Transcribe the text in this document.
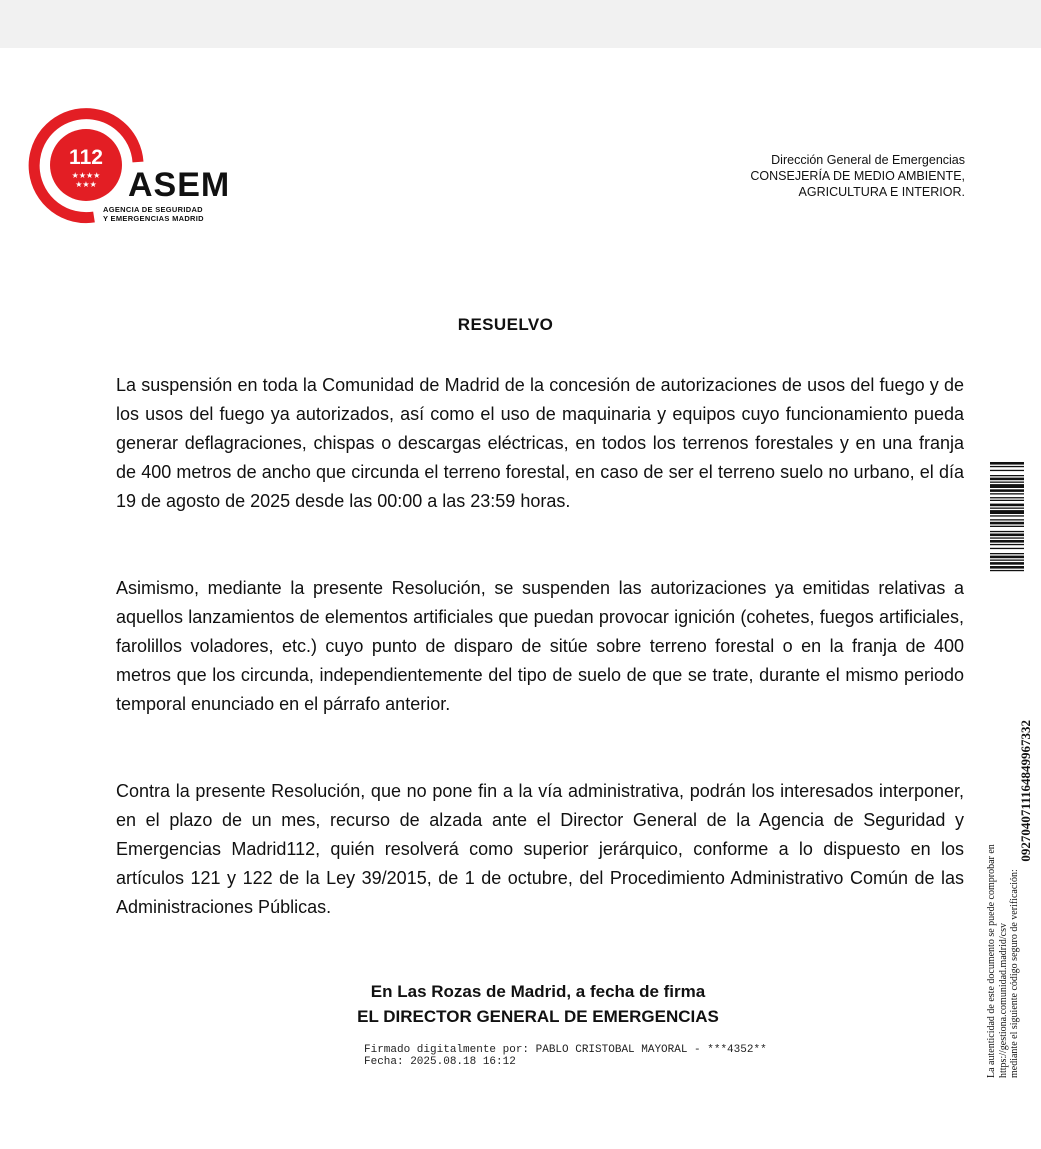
112
★★★★
★★★ ASEM
AGENCIA DE SEGURIDAD
Y EMERGENCIAS MADRID
Dirección General de Emergencias
CONSEJERÍA DE MEDIO AMBIENTE,
AGRICULTURA E INTERIOR.
RESUELVO
La suspensión en toda la Comunidad de Madrid de la concesión de autorizaciones de usos del fuego y de los usos del fuego ya autorizados, así como el uso de maquinaria y equipos cuyo funcionamiento pueda generar deflagraciones, chispas o descargas eléctricas, en todos los terrenos forestales y en una franja de 400 metros de ancho que circunda el terreno forestal, en caso de ser el terreno suelo no urbano, el día 19 de agosto de 2025 desde las 00:00 a las 23:59 horas.
Asimismo, mediante la presente Resolución, se suspenden las autorizaciones ya emitidas relativas a aquellos lanzamientos de elementos artificiales que puedan provocar ignición (cohetes, fuegos artificiales, farolillos voladores, etc.) cuyo punto de disparo de sitúe sobre terreno forestal o en la franja de 400 metros que los circunda, independientemente del tipo de suelo de que se trate, durante el mismo periodo temporal enunciado en el párrafo anterior.
Contra la presente Resolución, que no pone fin a la vía administrativa, podrán los interesados interponer, en el plazo de un mes, recurso de alzada ante el Director General de la Agencia de Seguridad y Emergencias Madrid112, quién resolverá como superior jerárquico, conforme a lo dispuesto en los artículos 121 y 122 de la Ley 39/2015, de 1 de octubre, del Procedimiento Administrativo Común de las Administraciones Públicas.
En Las Rozas de Madrid, a fecha de firma
EL DIRECTOR GENERAL DE EMERGENCIAS
Firmado digitalmente por: PABLO CRISTOBAL MAYORAL - ***4352**
Fecha: 2025.08.18 16:12
0927040711164849967332
La autenticidad de este documento se puede comprobar en https://gestiona.comunidad.madrid/csv mediante el siguiente código seguro de verificación:
